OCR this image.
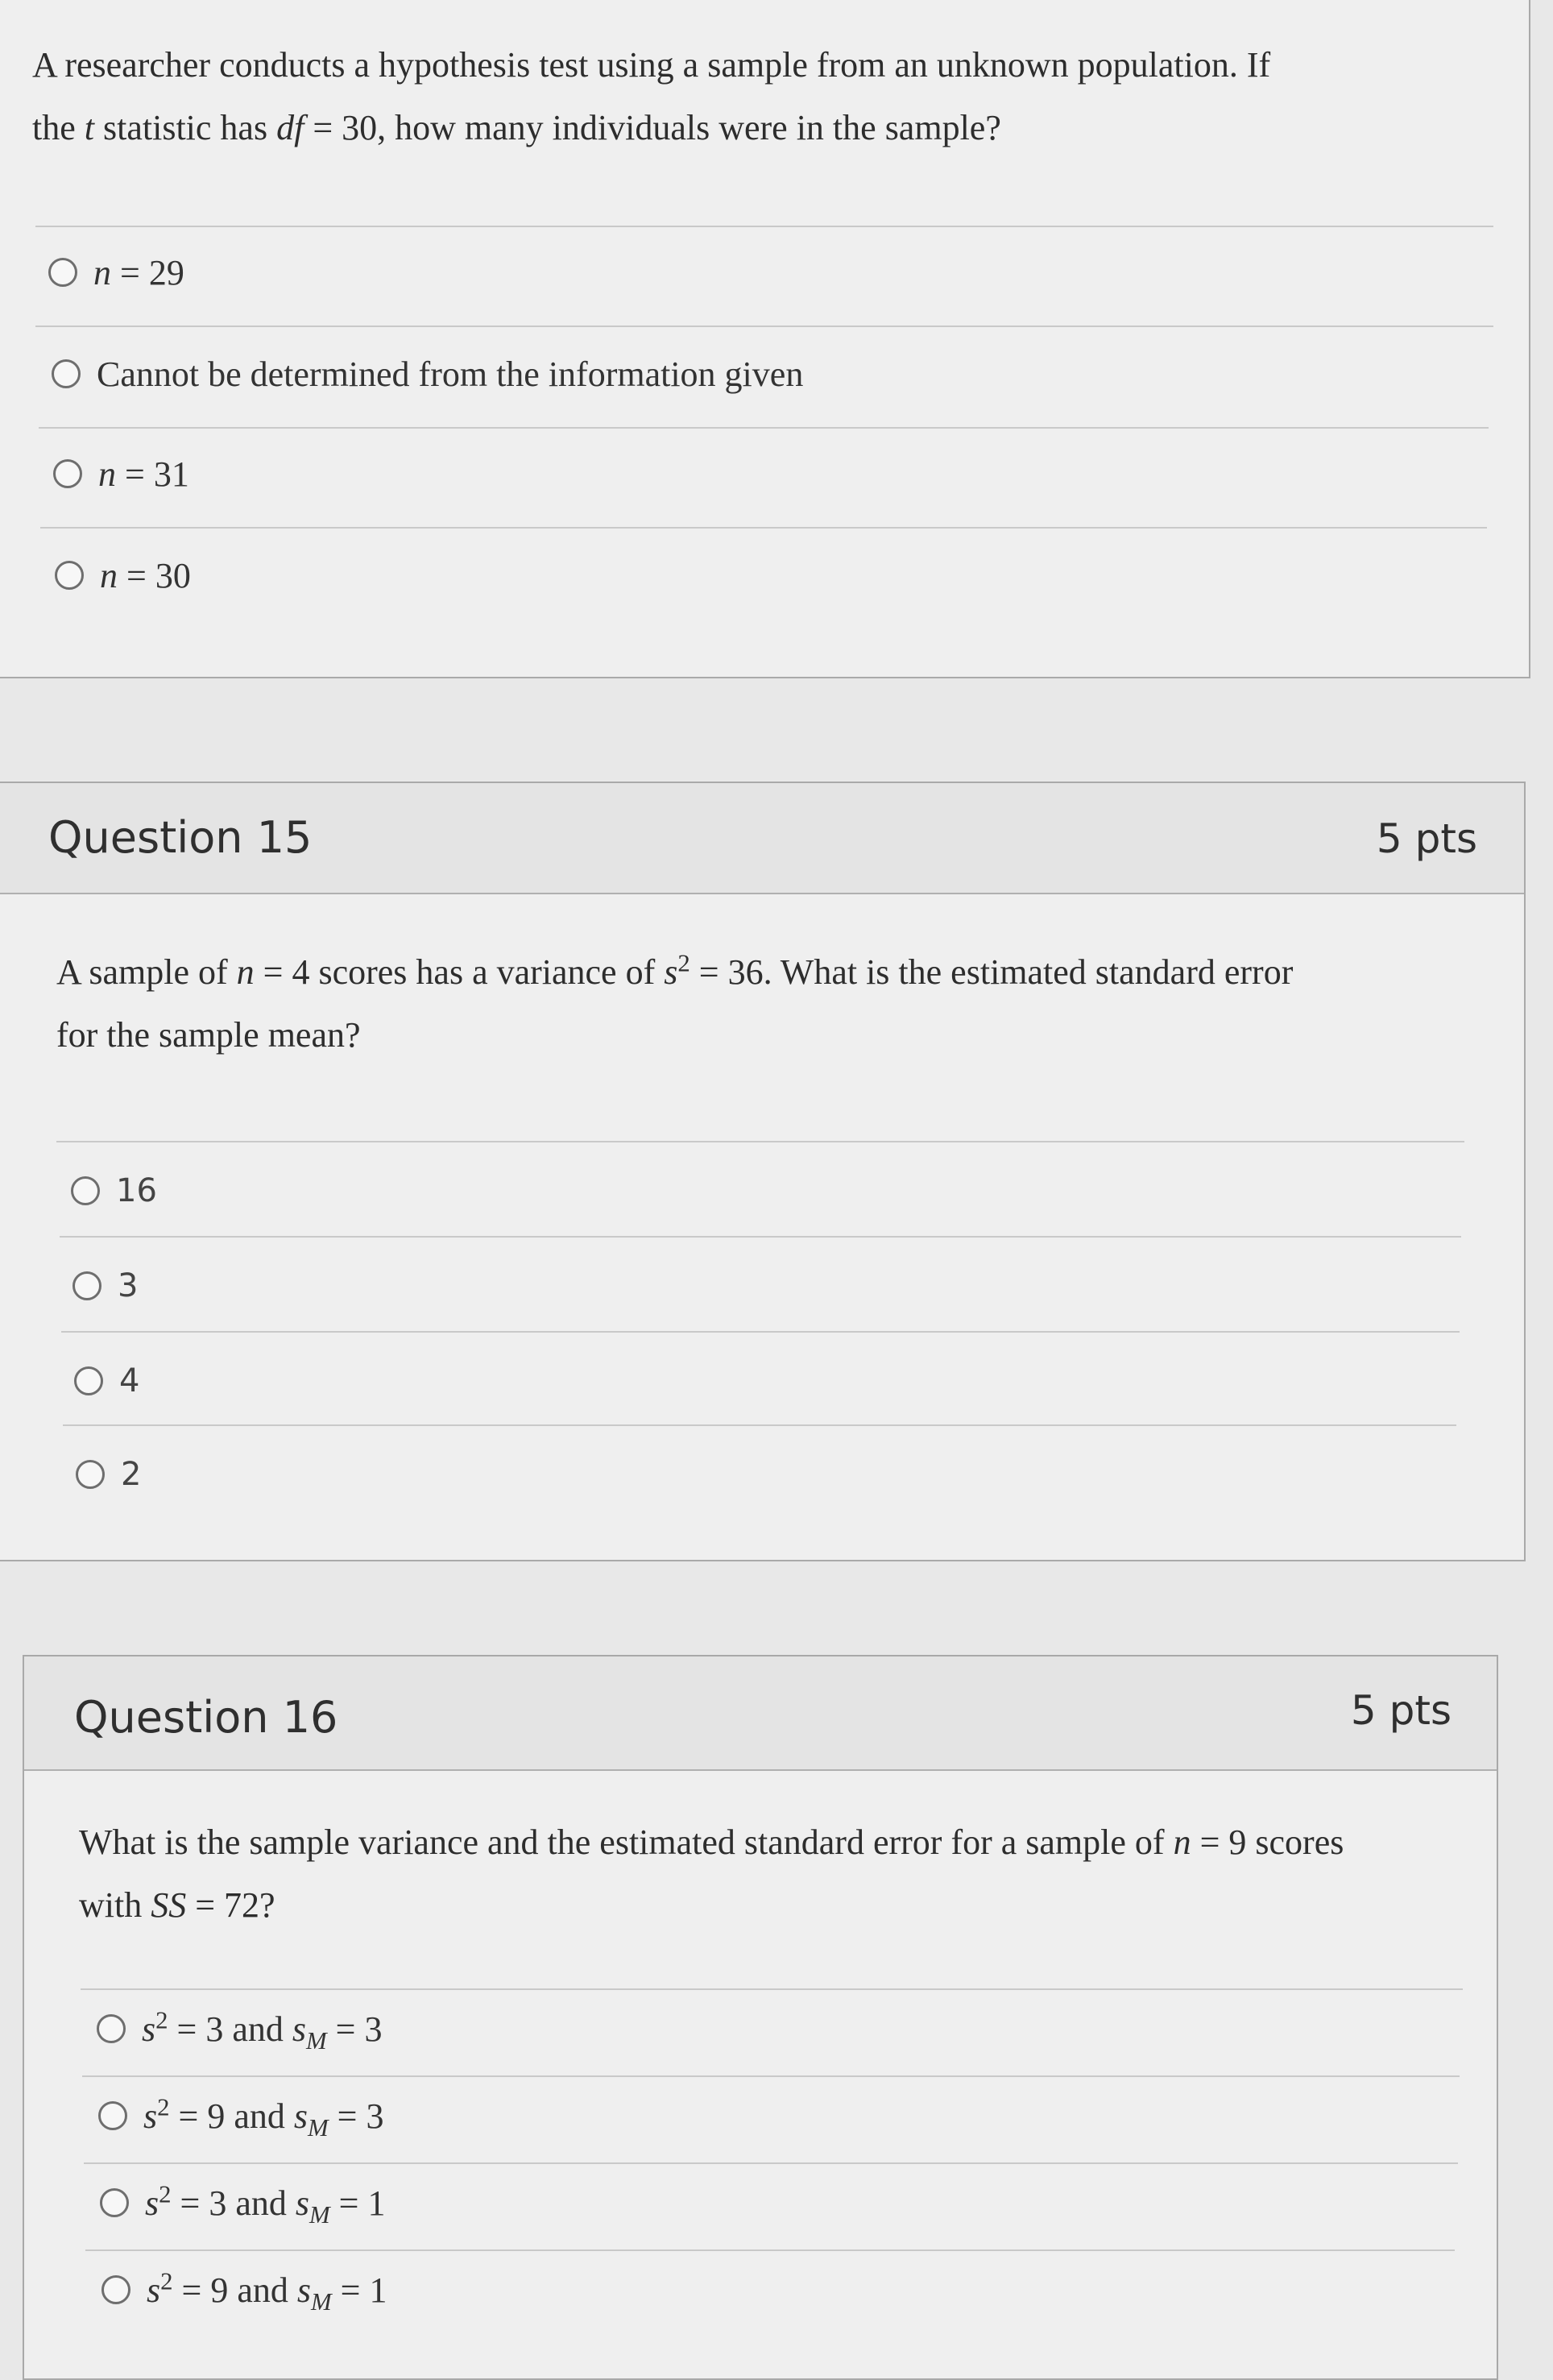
A researcher conducts a hypothesis test using a sample from an unknown population. If
the t statistic has df = 30, how many individuals were in the sample?
n = 29
Cannot be determined from the information given
n = 31
n = 30
Question 15	5 pts
A sample of n = 4 scores has a variance of $s^2 = 36$. What is the estimated standard error
for the sample mean?
16
3
4
2
Question 16	5 pts
What is the sample variance and the estimated standard error for a sample of n = 9 scores
with SS = 72?
$s^2 = 3$ and $s_M = 3$
$s^2 = 9$ and $s_M = 3$
$s^2 = 3$ and $s_M = 1$
$s^2 = 9$ and $s_M = 1$
